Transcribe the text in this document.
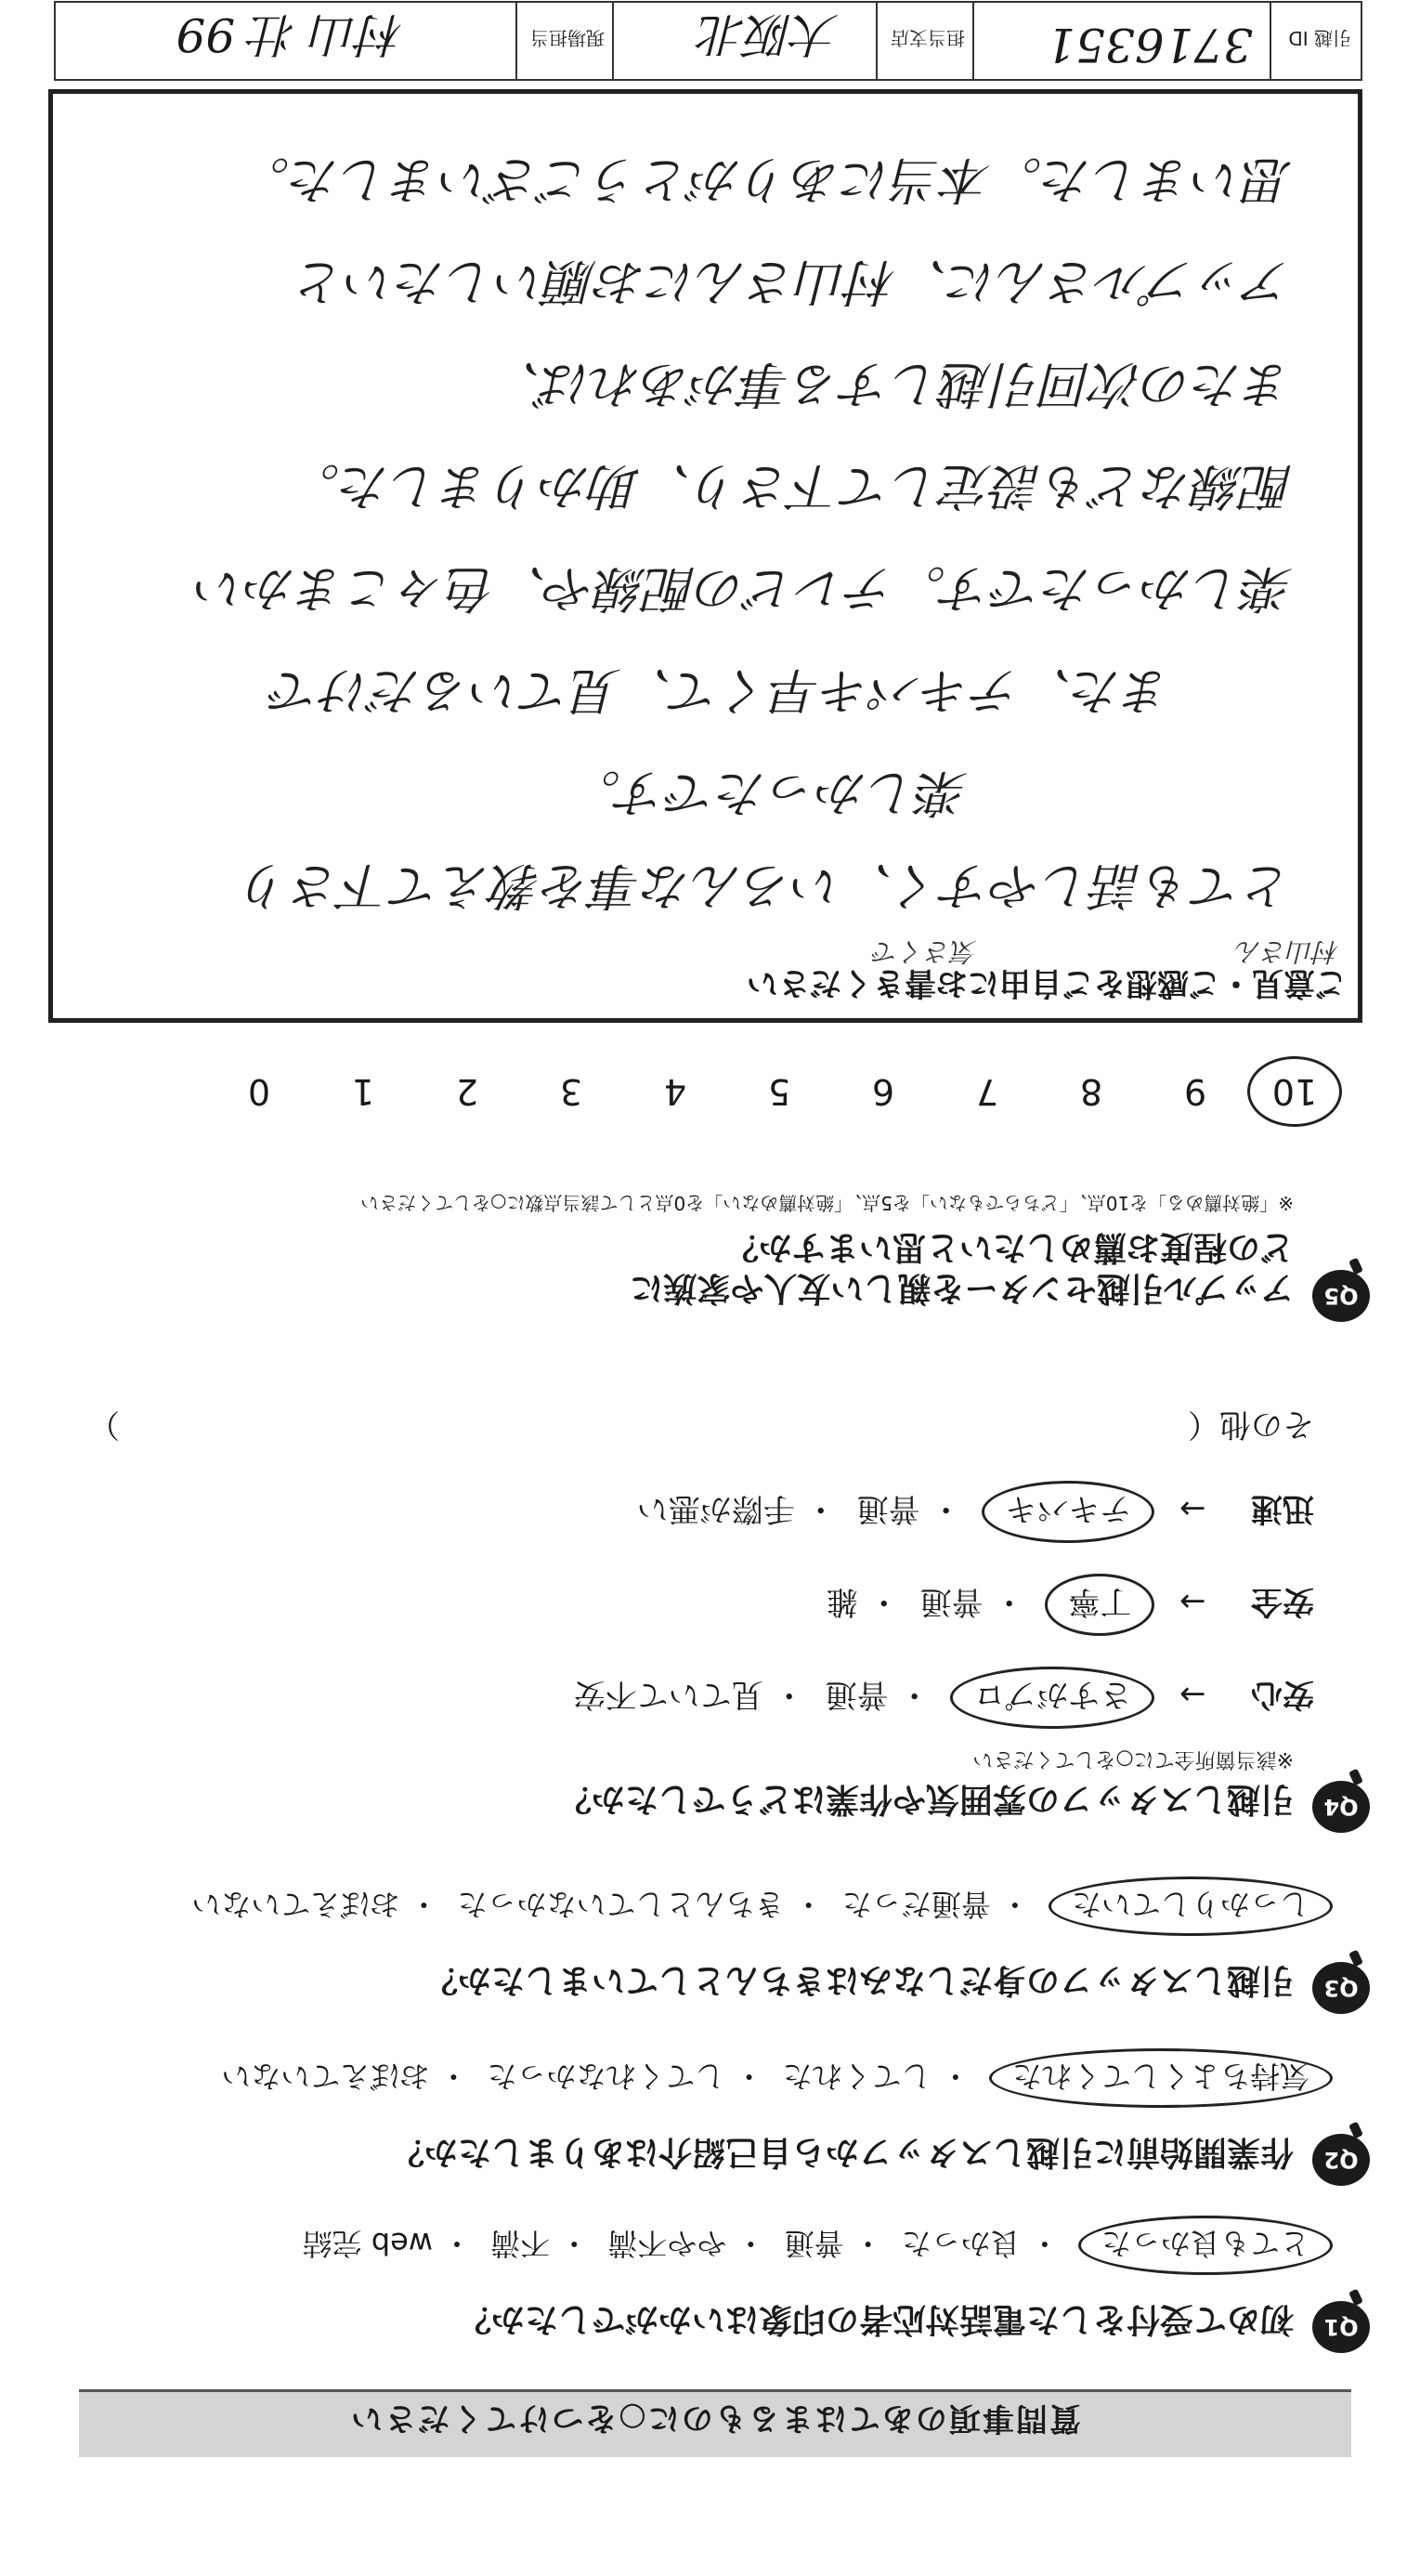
質問事項のあてはまるものに○をつけてください
Q1
初めて受付をした電話対応者の印象はいかがでしたか？
とても良かった ・良かった ・普通 ・やや不満 ・不満 ・web 完結
Q2
作業開始前に引越しスタッフから自己紹介はありましたか？
気持ちよくしてくれた ・してくれた ・してくれなかった ・おぼえていない
Q3
引越しスタッフの身だしなみはきちんとしていましたか？
しっかりしていた ・普通だった ・きちんとしていなかった ・おぼえていない
Q4
引越しスタッフの雰囲気や作業はどうでしたか？
※該当箇所全てに○をしてください
安心 → さすがプロ ・普通 ・見ていて不安
安全 → 丁寧 ・普通 ・雑
迅速 → テキパキ ・普通 ・手際が悪い
その他（
）
Q5
アップル引越センターを親しい友人や家族に
どの程度お薦めしたいと思いますか？
※「絶対薦める」を10点、「どちらでもない」を5点、「絶対薦めない」を0点として該当点数に○をしてください
109876543210
ご意見・ご感想をご自由にお書きください
村山さん
気さくで
とても話しやすく、いろんな事を教えて下さり
楽しかったです。
また、テキパキ早くて、見ているだけで
楽しかったです。テレビの配線や、色々こまかい
配線なども設定して下さり、助かりました。
またの次回引越しする事があれば、
アップルさんに、村山さんにお願いしたいと
思いました。本当にありがとうございました。
引越 ID
3716351
担当支店
大阪北
現場担当
村山 壮 99
